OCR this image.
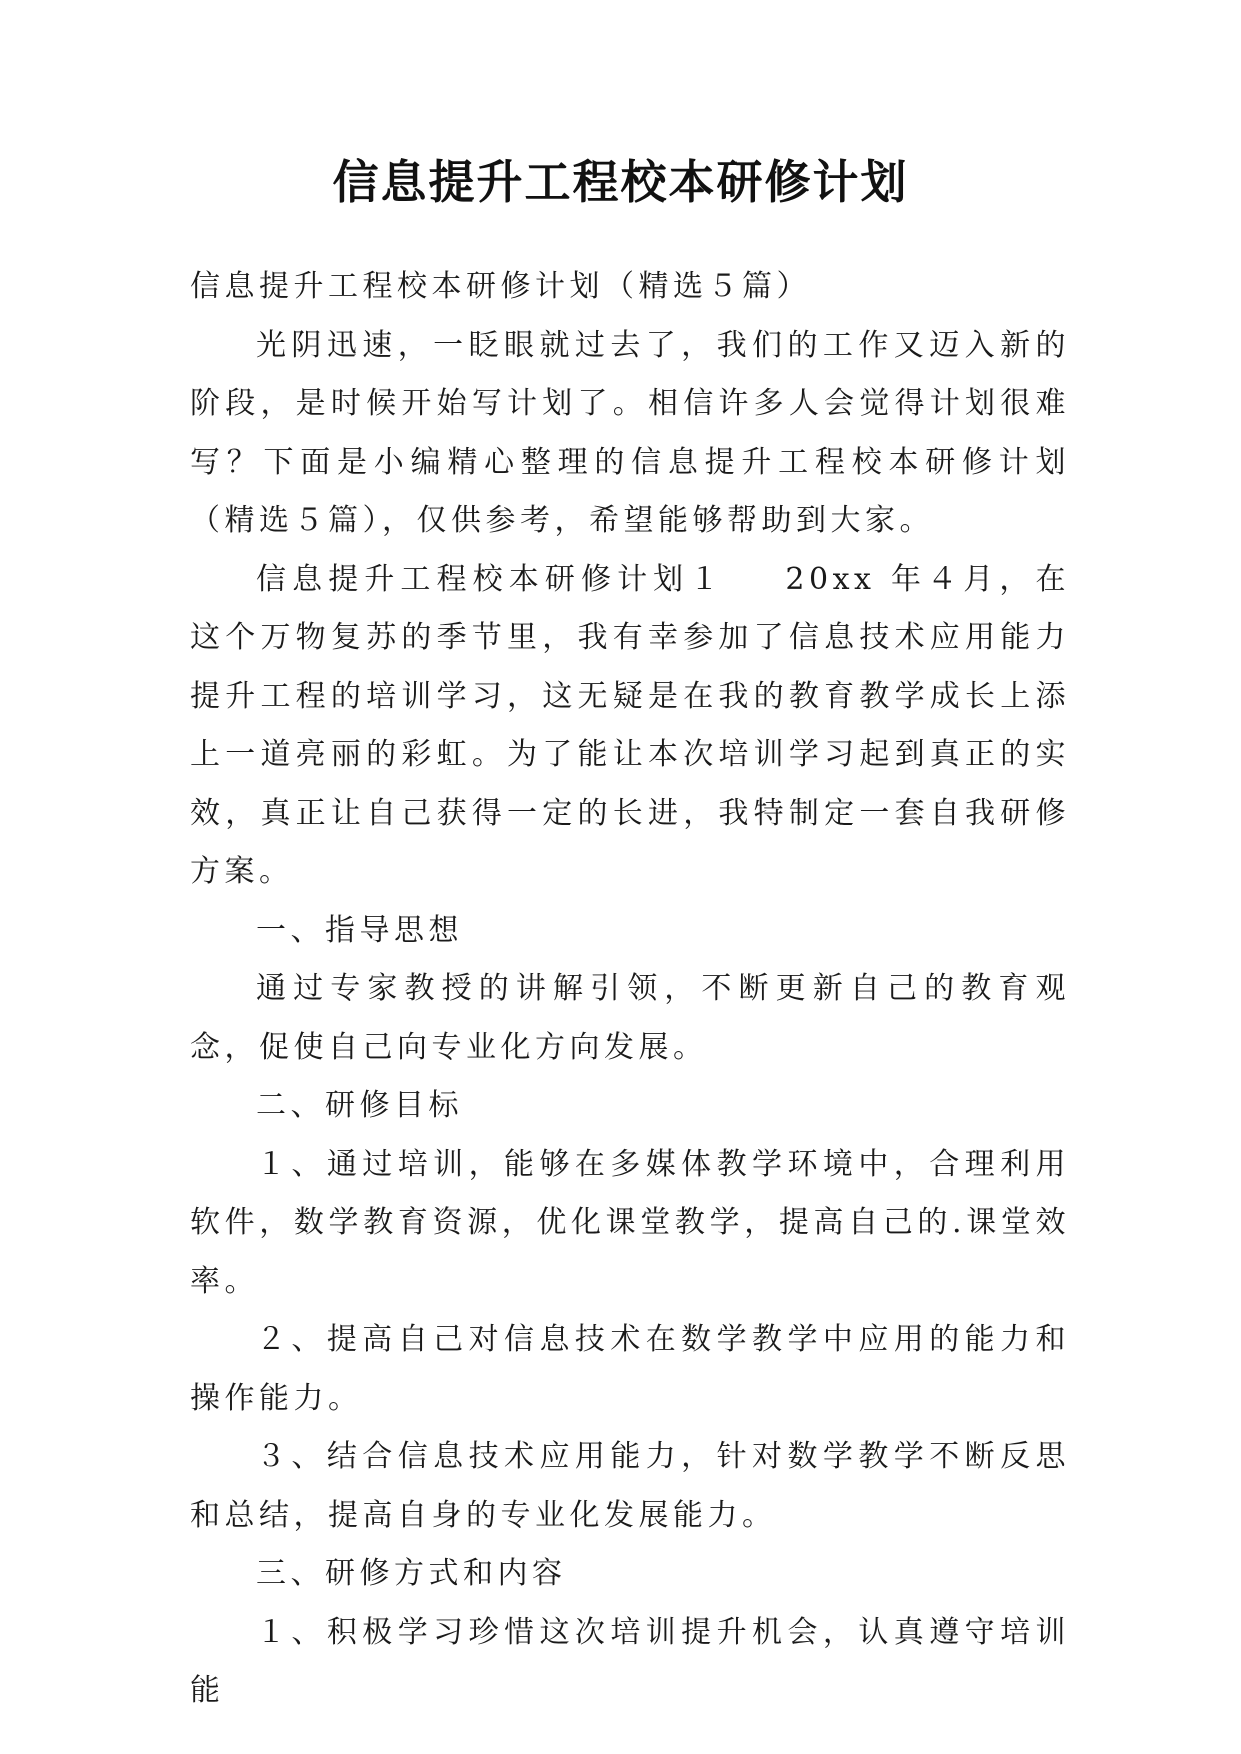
信息提升工程校本研修计划

信息提升工程校本研修计划（精选５篇）

光阴迅速，一眨眼就过去了，我们的工作又迈入新的阶段，是时候开始写计划了。相信许多人会觉得计划很难写？下面是小编精心整理的信息提升工程校本研修计划（精选５篇），仅供参考，希望能够帮助到大家。

信息提升工程校本研修计划１ 20xx 年４月，在这个万物复苏的季节里，我有幸参加了信息技术应用能力提升工程的培训学习，这无疑是在我的教育教学成长上添上一道亮丽的彩虹。为了能让本次培训学习起到真正的实效，真正让自己获得一定的长进，我特制定一套自我研修方案。

一、指导思想

通过专家教授的讲解引领，不断更新自己的教育观念，促使自己向专业化方向发展。

二、研修目标

１、通过培训，能够在多媒体教学环境中，合理利用软件，数学教育资源，优化课堂教学，提高自己的.课堂效率。

２、提高自己对信息技术在数学教学中应用的能力和操作能力。

３、结合信息技术应用能力，针对数学教学不断反思和总结，提高自身的专业化发展能力。

三、研修方式和内容

１、积极学习珍惜这次培训提升机会，认真遵守培训能
